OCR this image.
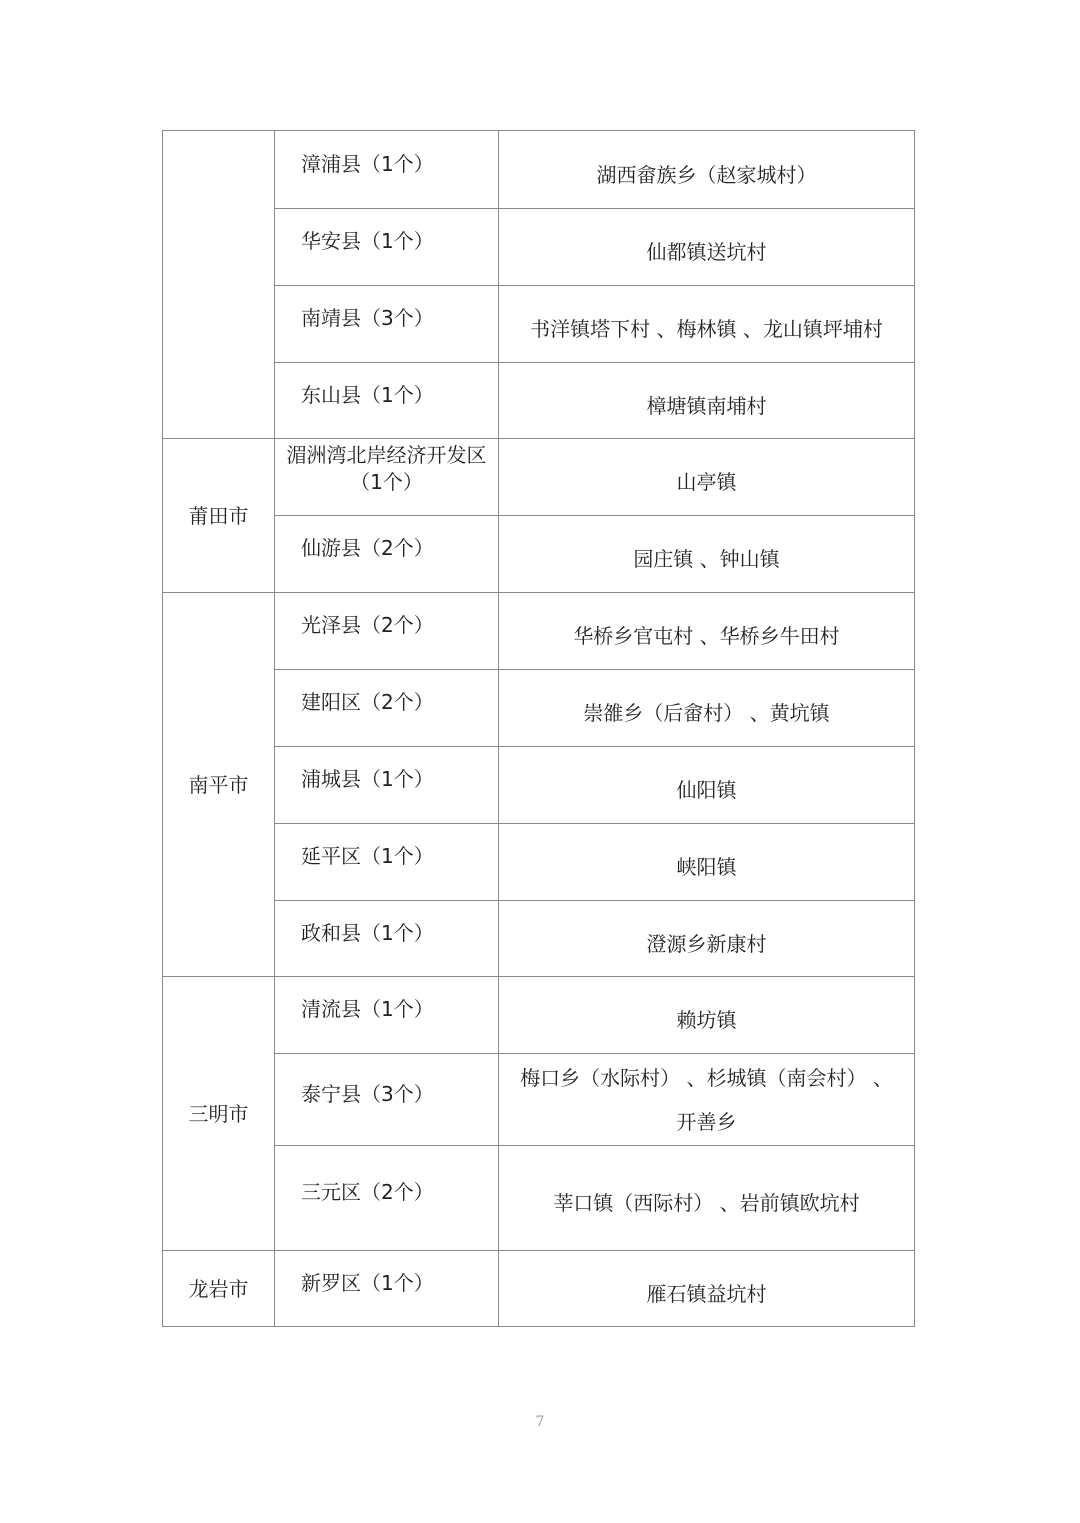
	漳浦县（1个）	湖西畲族乡（赵家城村）
	华安县（1个）	仙都镇送坑村
	南靖县（3个）	书洋镇塔下村 、梅林镇 、龙山镇坪埔村
	东山县（1个）	樟塘镇南埔村
莆田市	湄洲湾北岸经济开发区（1个）	山亭镇
	仙游县（2个）	园庄镇 、钟山镇
南平市	光泽县（2个）	华桥乡官屯村 、华桥乡牛田村
	建阳区（2个）	崇雒乡（后畲村） 、黄坑镇
	浦城县（1个）	仙阳镇
	延平区（1个）	峡阳镇
	政和县（1个）	澄源乡新康村
三明市	清流县（1个）	赖坊镇
	泰宁县（3个）	梅口乡（水际村） 、杉城镇（南会村） 、开善乡
	三元区（2个）	莘口镇（西际村） 、岩前镇欧坑村
龙岩市	新罗区（1个）	雁石镇益坑村
7
